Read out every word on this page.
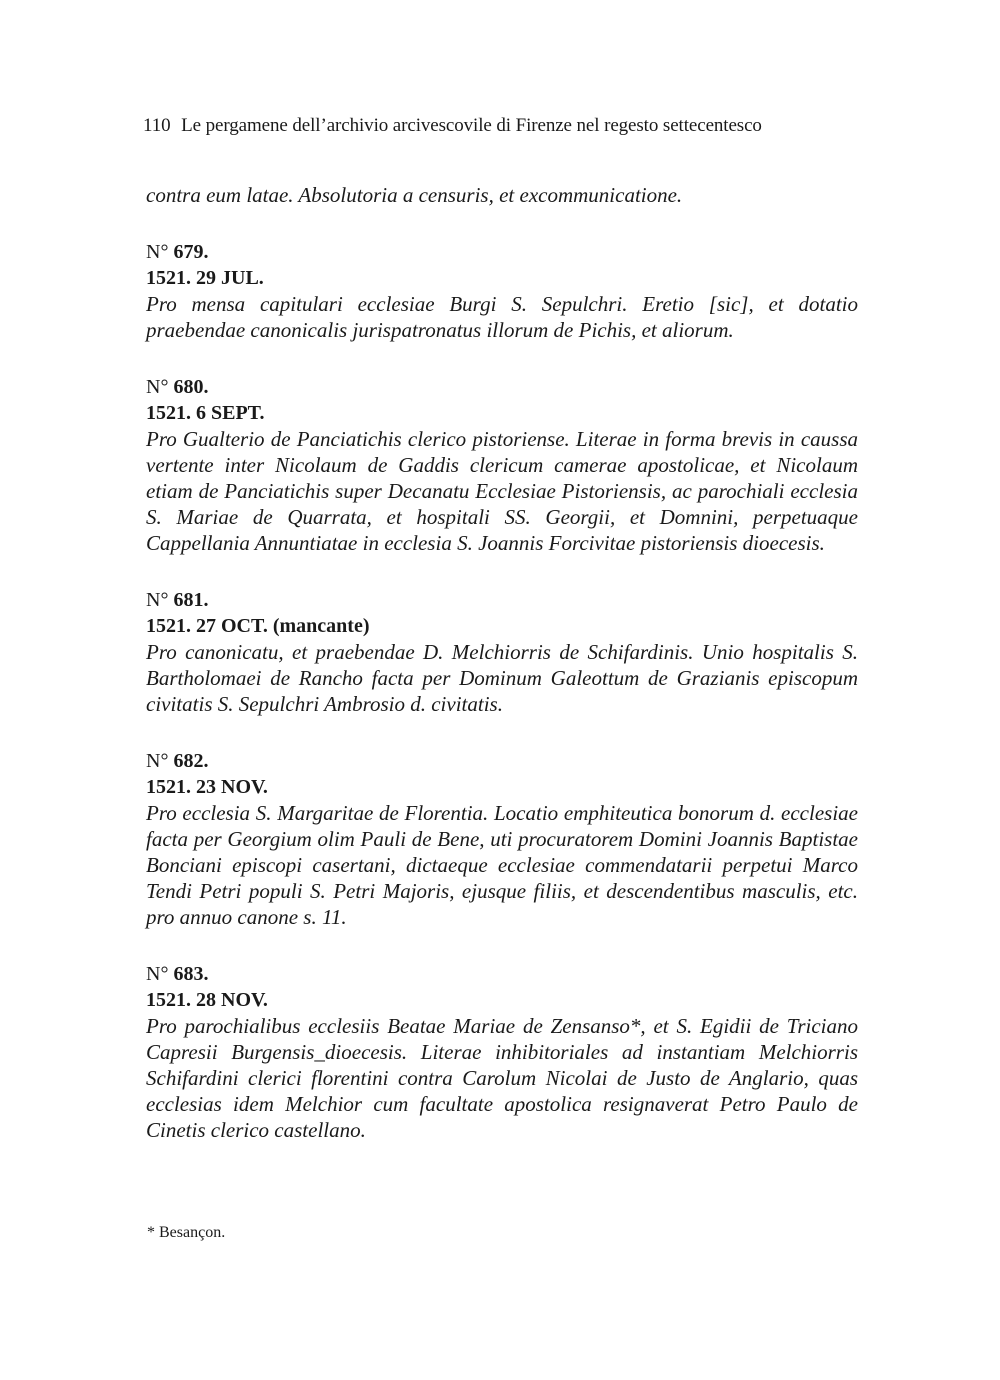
110 Le pergamene dell’archivio arcivescovile di Firenze nel regesto settecentesco

contra eum latae. Absolutoria a censuris, et excommunicatione.

N° 679.

1521. 29 JUL.

Pro mensa capitulari ecclesiae Burgi S. Sepulchri. Eretio [sic], et dotatio praebendae canonicalis jurispatronatus illorum de Pichis, et aliorum.

N° 680.

1521. 6 SEPT.

Pro Gualterio de Panciatichis clerico pistoriense. Literae in forma brevis in caussa vertente inter Nicolaum de Gaddis clericum camerae apostolicae, et Nicolaum etiam de Panciatichis super Decanatu Ecclesiae Pistoriensis, ac parochiali ecclesia S. Mariae de Quarrata, et hospitali SS. Georgii, et Domnini, perpetuaque Cappellania Annuntiatae in ecclesia S. Joannis Forcivitae pistoriensis dioecesis.

N° 681.

1521. 27 OCT. (mancante)

Pro canonicatu, et praebendae D. Melchiorris de Schifardinis. Unio hospitalis S. Bartholomaei de Rancho facta per Dominum Galeottum de Grazianis episcopum civitatis S. Sepulchri Ambrosio d. civitatis.

N° 682.

1521. 23 NOV.

Pro ecclesia S. Margaritae de Florentia. Locatio emphiteutica bonorum d. ecclesiae facta per Georgium olim Pauli de Bene, uti procuratorem Domini Joannis Baptistae Bonciani episcopi casertani, dictaeque ecclesiae commendatarii perpetui Marco Tendi Petri populi S. Petri Majoris, ejusque filiis, et descendentibus masculis, etc. pro annuo canone s. 11.

N° 683.

1521. 28 NOV.

Pro parochialibus ecclesiis Beatae Mariae de Zensanso*, et S. Egidii de Triciano Capresii Burgensis_dioecesis. Literae inhibitoriales ad instantiam Melchiorris Schifardini clerici florentini contra Carolum Nicolai de Justo de Anglario, quas ecclesias idem Melchior cum facultate apostolica resignaverat Petro Paulo de Cinetis clerico castellano.

* Besançon.
